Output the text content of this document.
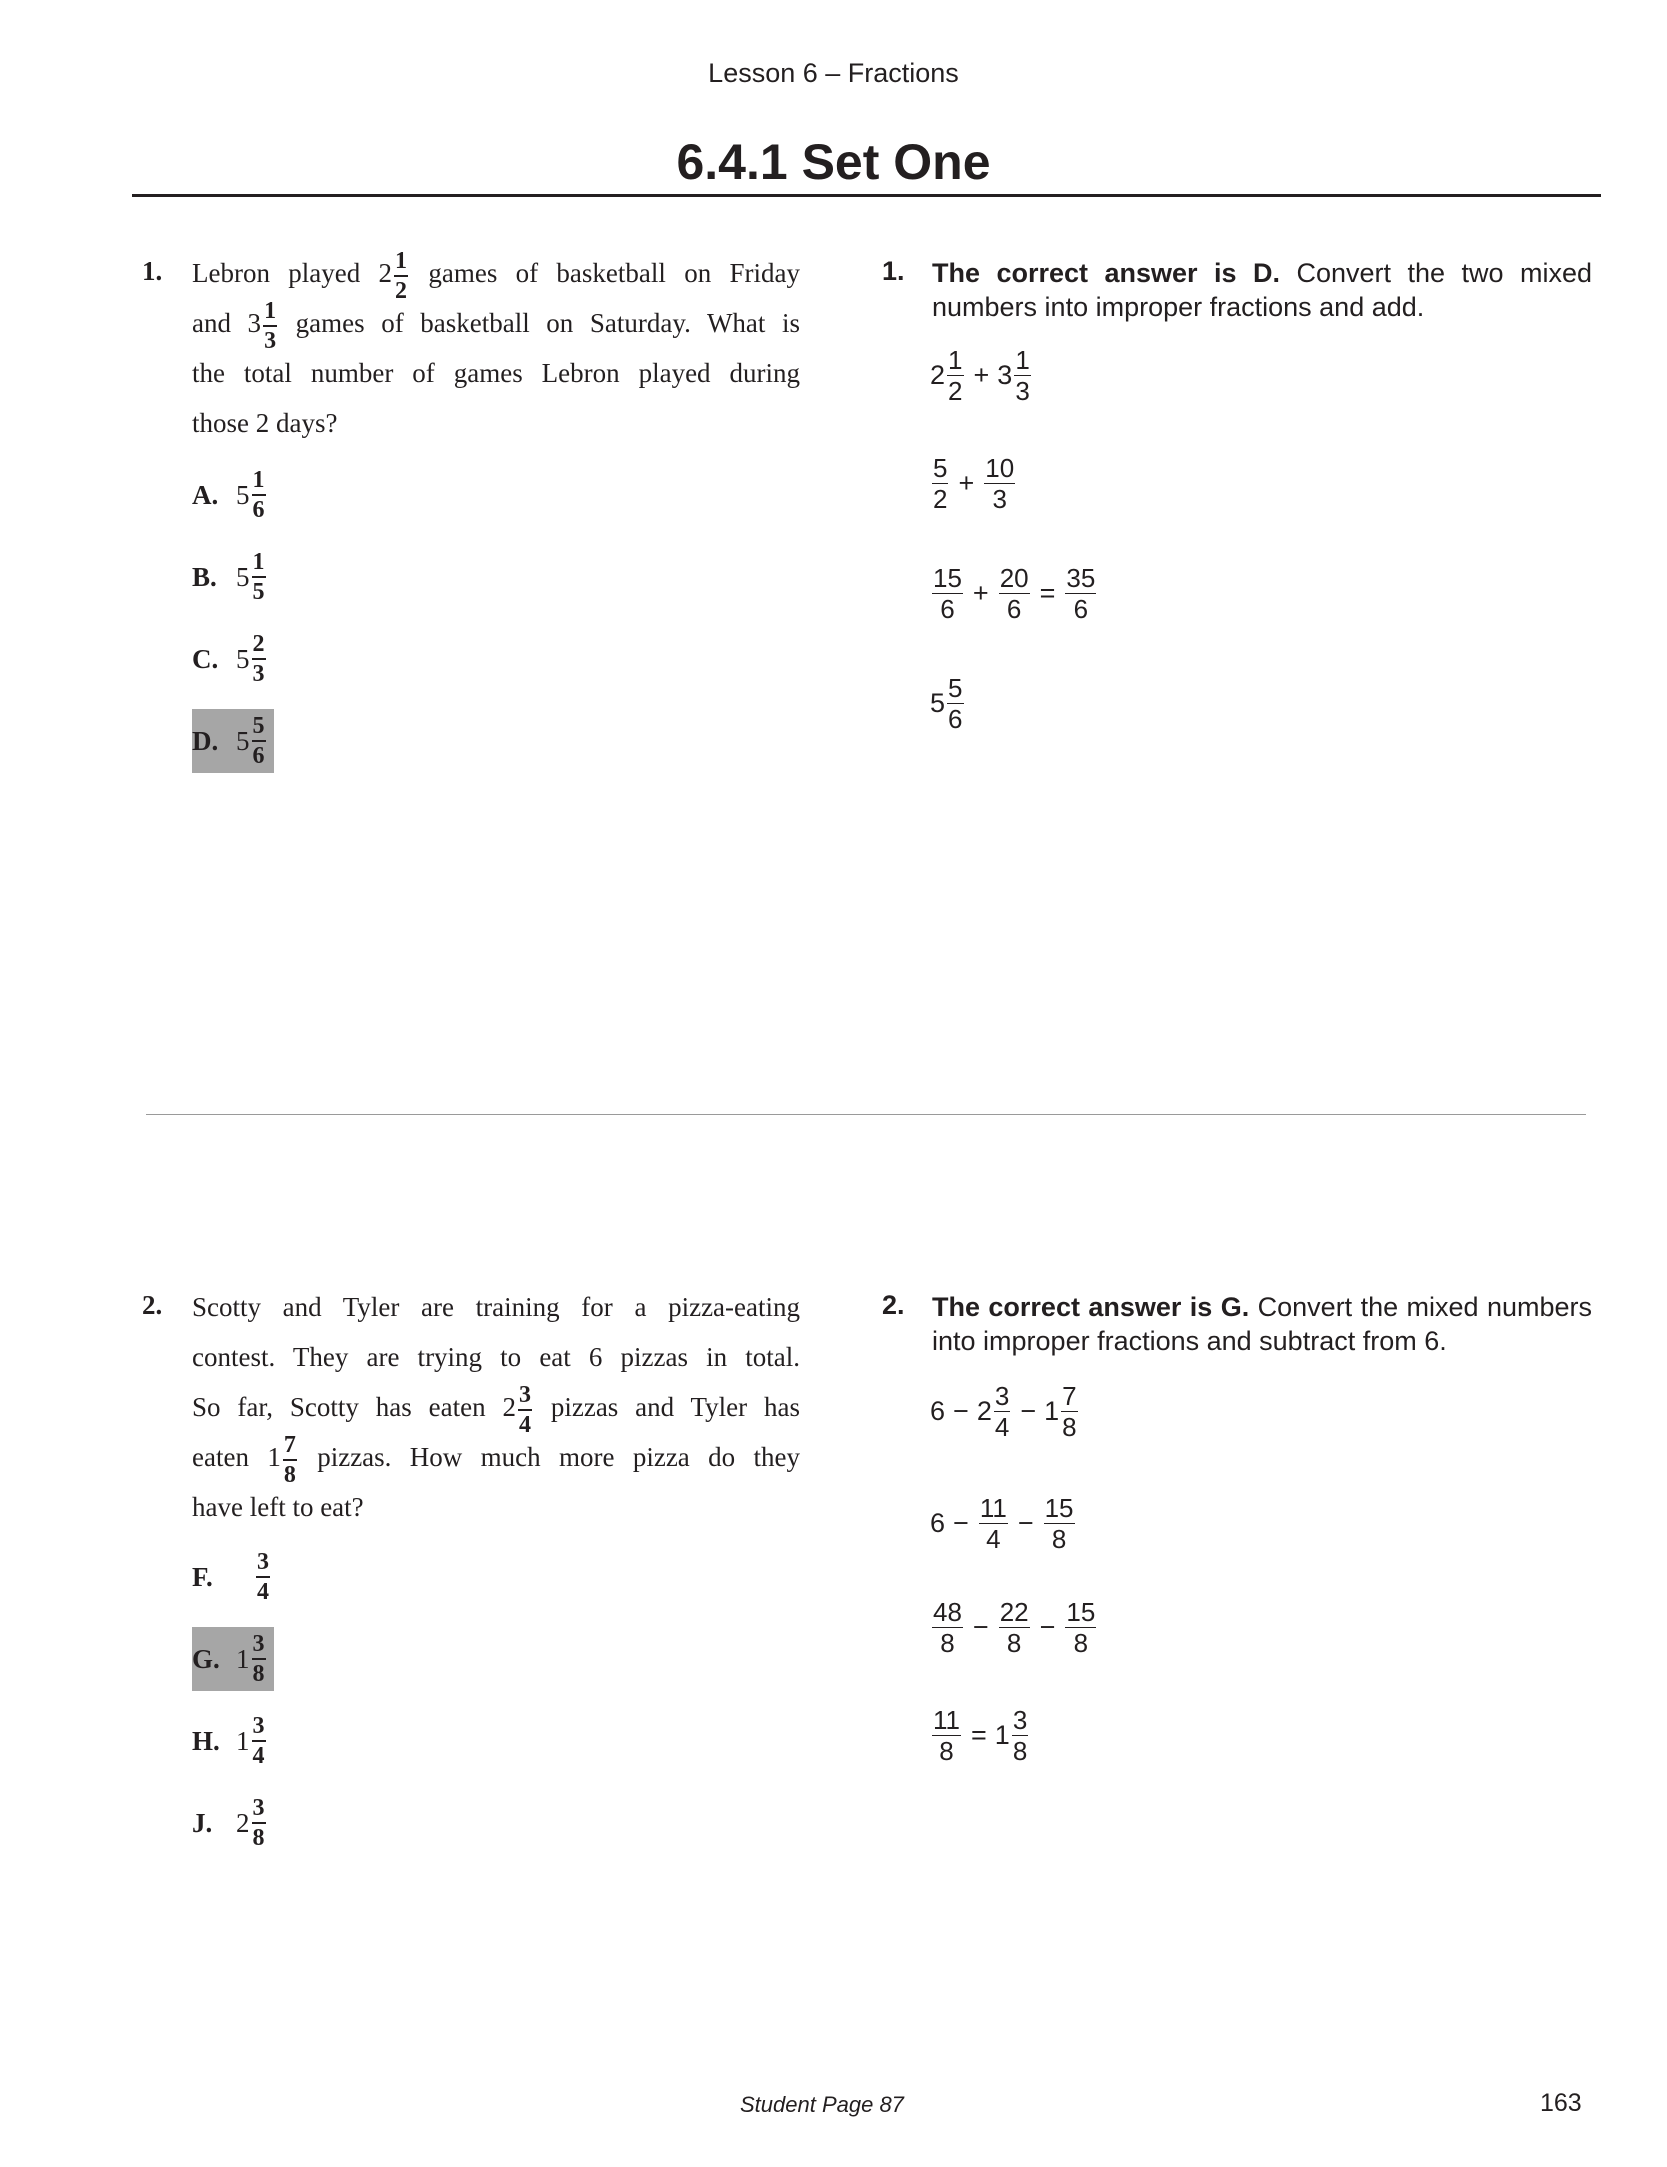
Lesson 6 – Fractions
6.4.1 Set One
1. Lebron played $2 \frac{1}{2}$ games of basketball on Friday
and $3 \frac{1}{3}$ games of basketball on Saturday. What is
the total number of games Lebron played during
those 2 days?
A. $5 \frac{1}{6}$
B. $5 \frac{1}{5}$
C. $5 \frac{2}{3}$
D. $5 \frac{5}{6}$
1. The correct answer is D. Convert the two mixed
numbers into improper fractions and add.
$2 \frac{1}{2} + 3 \frac{1}{3}$
$\frac{5}{2} + \frac{10}{3}$
$\frac{15}{6} + \frac{20}{6} = \frac{35}{6}$
$5 \frac{5}{6}$
2. Scotty and Tyler are training for a pizza-eating
contest. They are trying to eat 6 pizzas in total.
So far, Scotty has eaten $2 \frac{3}{4}$ pizzas and Tyler has
eaten $1 \frac{7}{8}$ pizzas. How much more pizza do they
have left to eat?
F.	$\frac{3}{4}$
G. $1 \frac{3}{8}$
H. $1 \frac{3}{4}$
J. $2 \frac{3}{8}$
2. The correct answer is G. Convert the mixed numbers
into improper fractions and subtract from 6.
$6 - 2 \frac{3}{4} - 1 \frac{7}{8}$
$6 - \frac{11}{4} - \frac{15}{8}$
$\frac{48}{8} - \frac{22}{8} - \frac{15}{8}$
$\frac{11}{8} = 1 \frac{3}{8}$
Student Page 87	163
